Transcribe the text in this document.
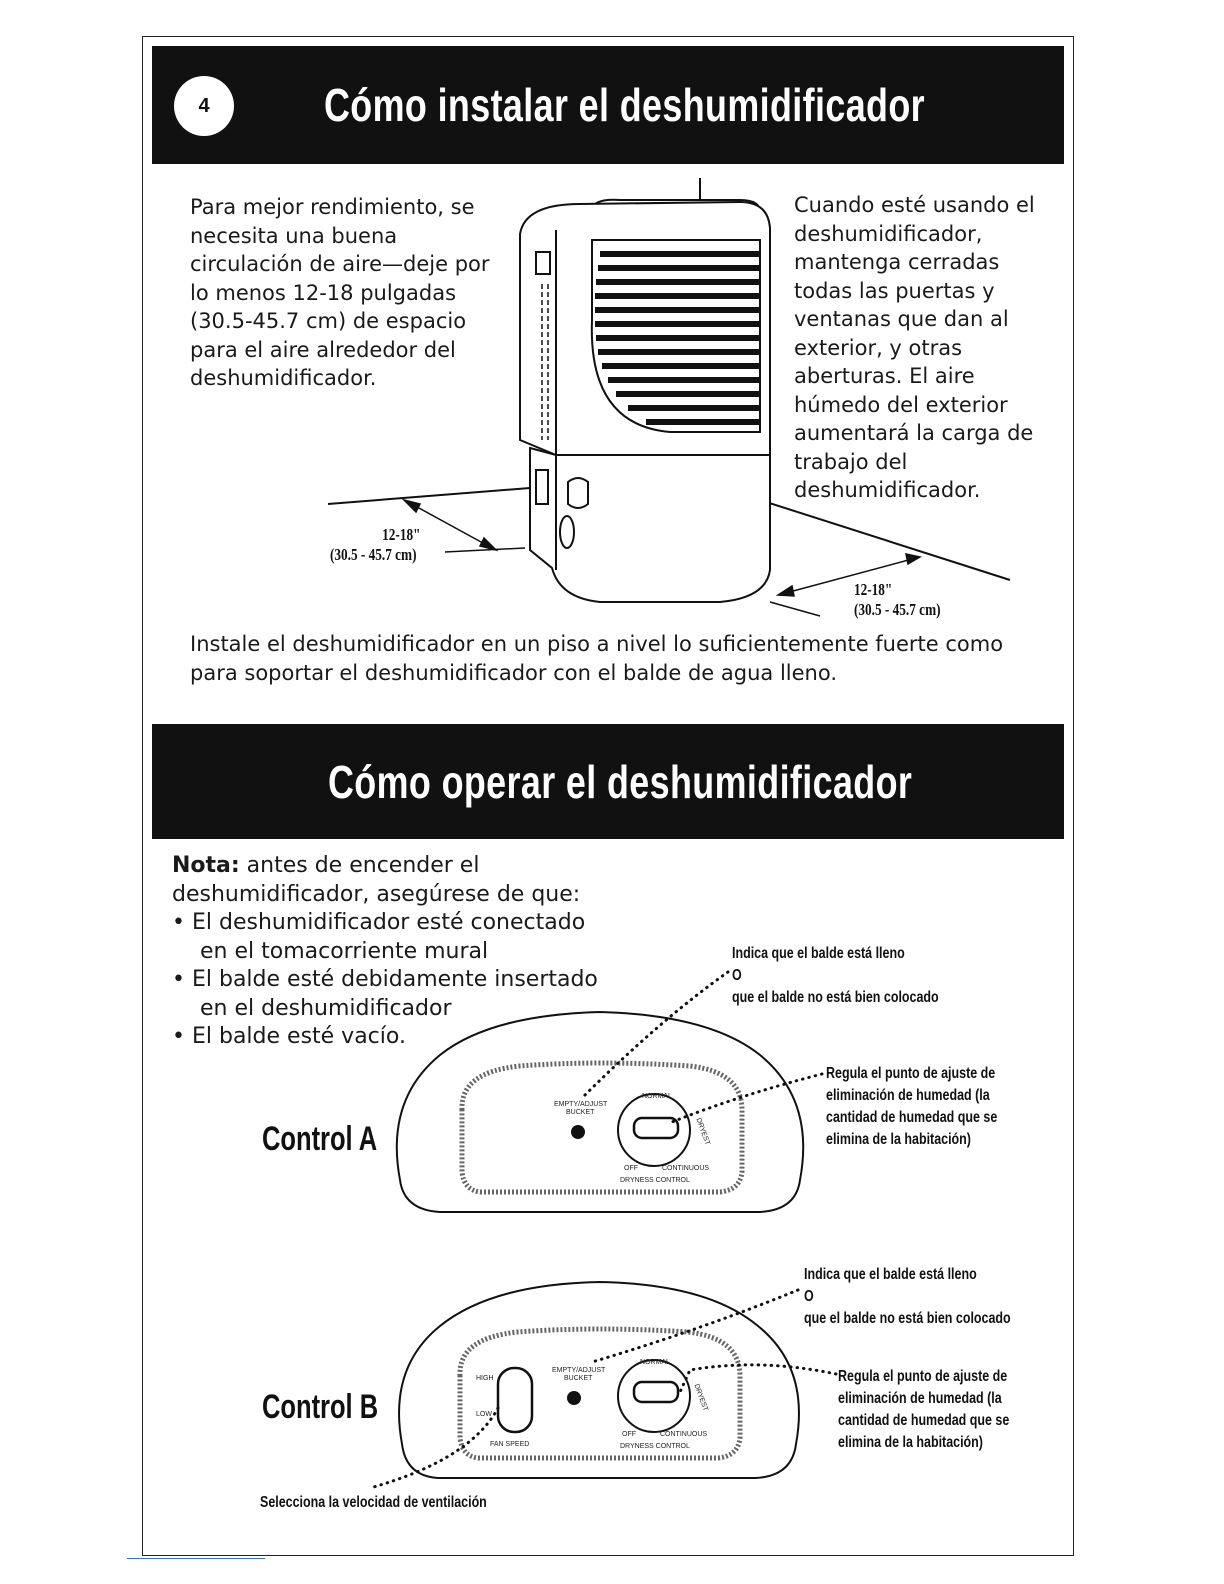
4	Cómo instalar el deshumidificador

Para mejor rendimiento, se

necesita una buena

circulación de aire—deje por

lo menos 12-18 pulgadas

(30.5-45.7 cm) de espacio

para el aire alrededor del

deshumidificador.

Cuando esté usando el

deshumidificador,

mantenga cerradas

todas las puertas y

ventanas que dan al

exterior, y otras

aberturas. El aire

húmedo del exterior

aumentará la carga de

trabajo del

deshumidificador.

12-18"
(30.5 - 45.7 cm)
12-18"
(30.5 - 45.7 cm)

Instale el deshumidificador en un piso a nivel lo suficientemente fuerte como

para soportar el deshumidificador con el balde de agua lleno.

Cómo operar el deshumidificador

Nota: antes de encender el

deshumidificador, asegúrese de que:

• El deshumidificador esté conectado
en el tomacorriente mural
• El balde esté debidamente insertado
en el deshumidificador
• El balde esté vacío.
EMPTY/ADJUST
BUCKET
NORMAL
DRYEST
OFF	CONTINUOUS
DRYNESS CONTROL
HIGH
LOW
FAN SPEED
EMPTY/ADJUST
BUCKET
NORMAL
DRYEST
OFF	CONTINUOUS
DRYNESS CONTROL
Control A
Control B
Indica que el balde está lleno
O
que el balde no está bien colocado
Regula el punto de ajuste de
eliminación de humedad (la
cantidad de humedad que se
elimina de la habitación)
Indica que el balde está lleno
O
que el balde no está bien colocado
Regula el punto de ajuste de
eliminación de humedad (la
cantidad de humedad que se
elimina de la habitación)
Selecciona la velocidad de ventilación
